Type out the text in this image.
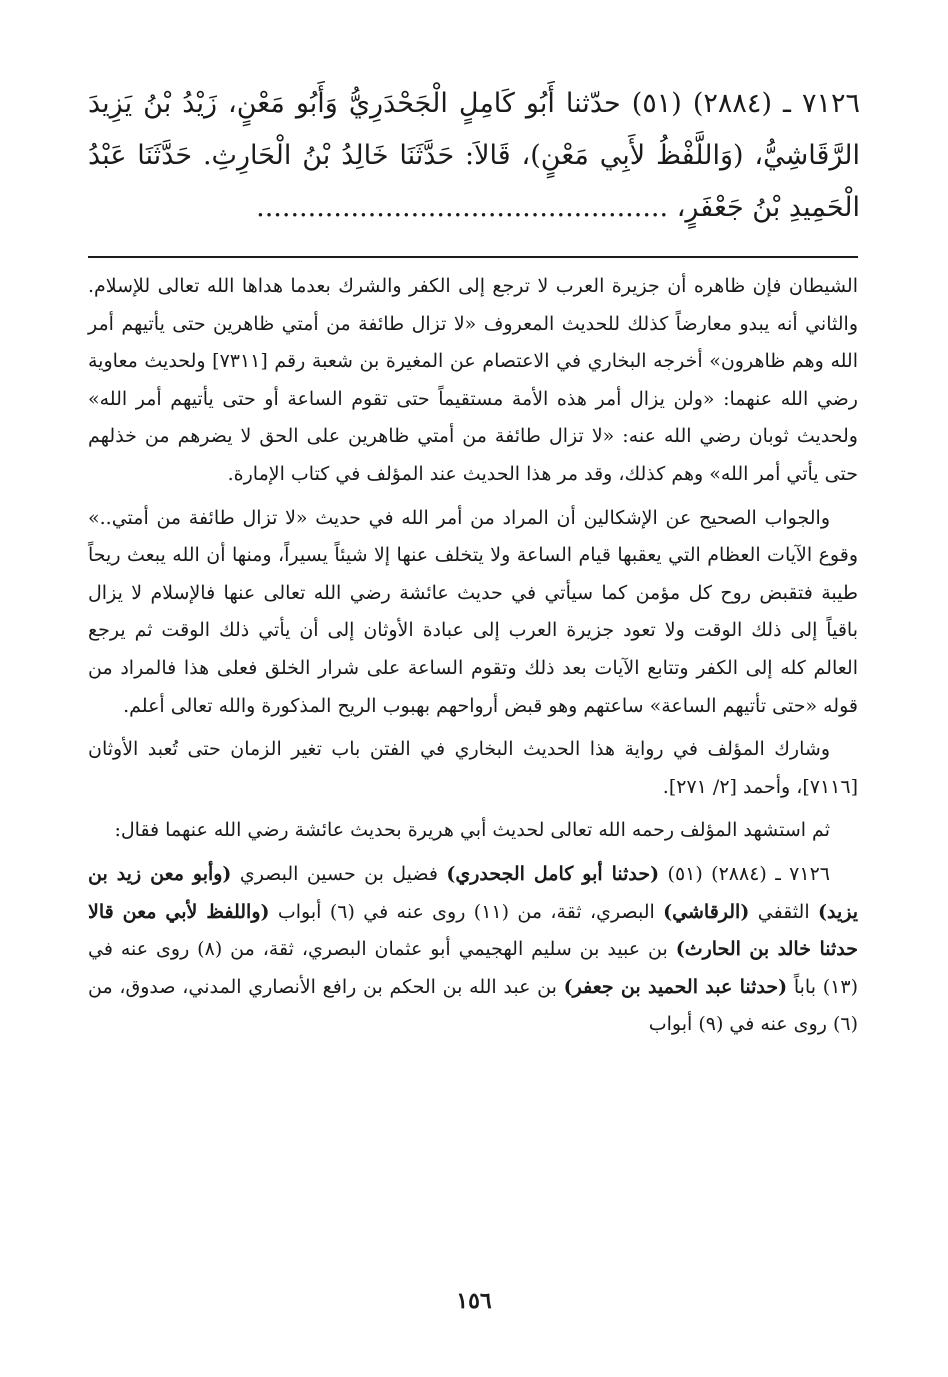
٧١٢٦ ـ (٢٨٨٤) (٥١) حدّثنا أَبُو كَامِلٍ الْجَحْدَرِيُّ وَأَبُو مَعْنٍ، زَيْدُ بْنُ يَزِيدَ الرَّقَاشِيُّ، (وَاللَّفْظُ لأَبِي مَعْنٍ)، قَالاَ: حَدَّثَنَا خَالِدُ بْنُ الْحَارِثِ. حَدَّثَنَا عَبْدُ الْحَمِيدِ بْنُ جَعْفَرٍ، ................................................

الشيطان فإن ظاهره أن جزيرة العرب لا ترجع إلى الكفر والشرك بعدما هداها الله تعالى للإسلام. والثاني أنه يبدو معارضاً كذلك للحديث المعروف «لا تزال طائفة من أمتي ظاهرين حتى يأتيهم أمر الله وهم ظاهرون» أخرجه البخاري في الاعتصام عن المغيرة بن شعبة رقم [٧٣١١] ولحديث معاوية رضي الله عنهما: «ولن يزال أمر هذه الأمة مستقيماً حتى تقوم الساعة أو حتى يأتيهم أمر الله» ولحديث ثوبان رضي الله عنه: «لا تزال طائفة من أمتي ظاهرين على الحق لا يضرهم من خذلهم حتى يأتي أمر الله» وهم كذلك، وقد مر هذا الحديث عند المؤلف في كتاب الإمارة.

والجواب الصحيح عن الإشكالين أن المراد من أمر الله في حديث «لا تزال طائفة من أمتي..» وقوع الآيات العظام التي يعقبها قيام الساعة ولا يتخلف عنها إلا شيئاً يسيراً، ومنها أن الله يبعث ريحاً طيبة فتقبض روح كل مؤمن كما سيأتي في حديث عائشة رضي الله تعالى عنها فالإسلام لا يزال باقياً إلى ذلك الوقت ولا تعود جزيرة العرب إلى عبادة الأوثان إلى أن يأتي ذلك الوقت ثم يرجع العالم كله إلى الكفر وتتابع الآيات بعد ذلك وتقوم الساعة على شرار الخلق فعلى هذا فالمراد من قوله «حتى تأتيهم الساعة» ساعتهم وهو قبض أرواحهم بهبوب الريح المذكورة والله تعالى أعلم.

وشارك المؤلف في رواية هذا الحديث البخاري في الفتن باب تغير الزمان حتى تُعبد الأوثان [٧١١٦]، وأحمد [٢/ ٢٧١].

ثم استشهد المؤلف رحمه الله تعالى لحديث أبي هريرة بحديث عائشة رضي الله عنهما فقال:

٧١٢٦ ـ (٢٨٨٤) (٥١) (حدثنا أبو كامل الجحدري) فضيل بن حسين البصري (وأبو معن زيد بن يزيد) الثقفي (الرقاشي) البصري، ثقة، من (١١) روى عنه في (٦) أبواب (واللفظ لأبي معن قالا حدثنا خالد بن الحارث) بن عبيد بن سليم الهجيمي أبو عثمان البصري، ثقة، من (٨) روى عنه في (١٣) باباً (حدثنا عبد الحميد بن جعفر) بن عبد الله بن الحكم بن رافع الأنصاري المدني، صدوق، من (٦) روى عنه في (٩) أبواب

١٥٦
